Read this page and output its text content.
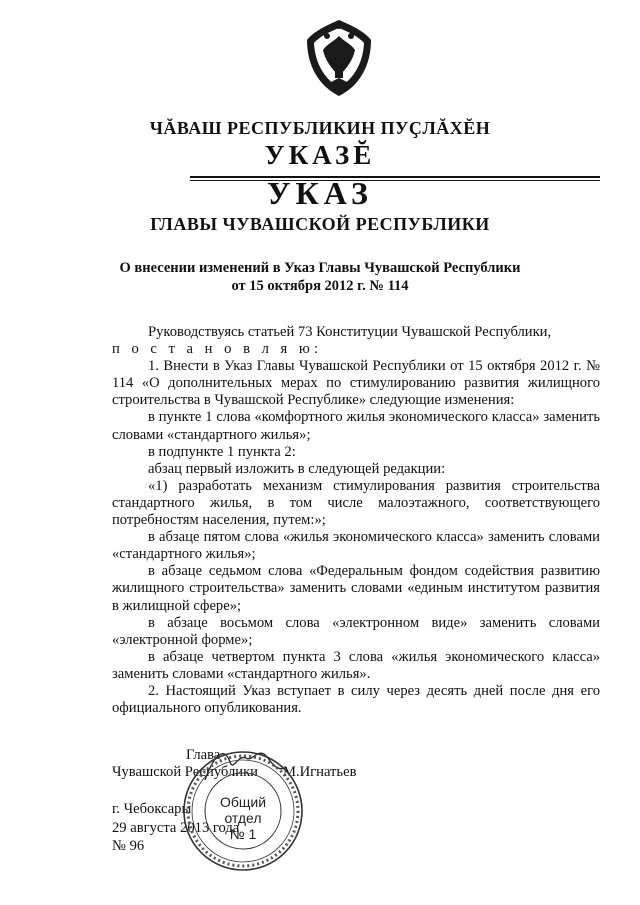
ЧĂВАШ РЕСПУБЛИКИН ПУҪЛĂХĔН
УКАЗĔ
УКАЗ
ГЛАВЫ ЧУВАШСКОЙ РЕСПУБЛИКИ
О внесении изменений в Указ Главы Чувашской Республики
от 15 октября 2012 г. № 114

Руководствуясь статьей 73 Конституции Чувашской Республики,

п о с т а н о в л я ю:

1. Внести в Указ Главы Чувашской Республики от 15 октября 2012 г. № 114 «О дополнительных мерах по стимулированию развития жилищного строительства в Чувашской Республике» следующие изменения:

в пункте 1 слова «комфортного жилья экономического класса» заменить словами «стандартного жилья»;

в подпункте 1 пункта 2:

абзац первый изложить в следующей редакции:

«1) разработать механизм стимулирования развития строительства стандартного жилья, в том числе малоэтажного, соответствующего потребностям населения, путем:»;

в абзаце пятом слова «жилья экономического класса» заменить словами «стандартного жилья»;

в абзаце седьмом слова «Федеральным фондом содействия развитию жилищного строительства» заменить словами «единым институтом развития в жилищной сфере»;

в абзаце восьмом слова «электронном виде» заменить словами «электронной форме»;

в абзаце четвертом пункта 3 слова «жилья экономического класса» заменить словами «стандартного жилья».

2. Настоящий Указ вступает в силу через десять дней после дня его официального опубликования.

Глава
Чувашской Республики М.Игнатьев
г. Чебоксары
29 августа 2013 года
№ 96
Общий
отдел
№ 1
